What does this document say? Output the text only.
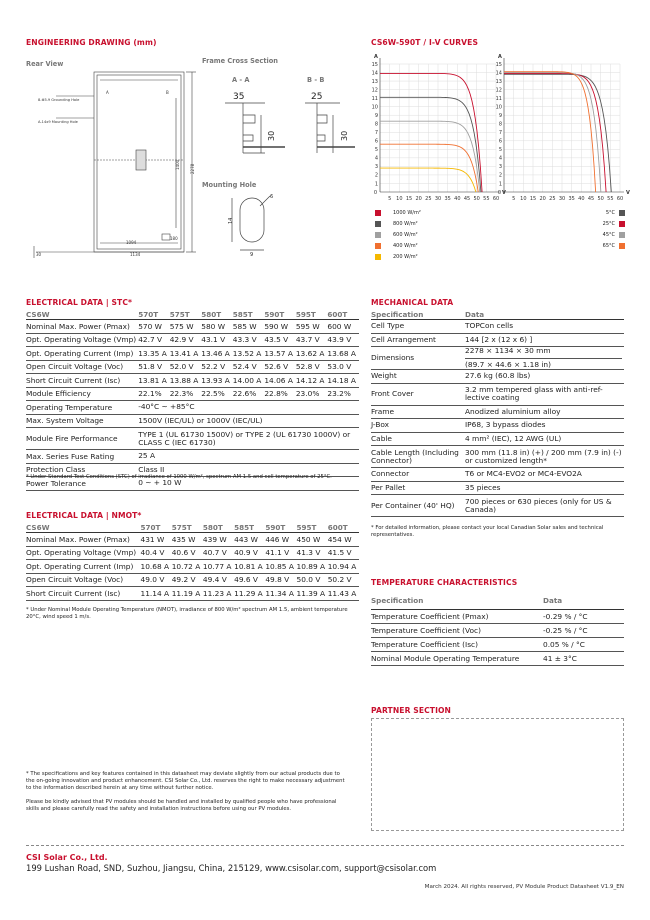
ENGINEERING DRAWING (mm)
Rear View	Frame Cross Section
A - A	B - B
Mounting Hole
8-Φ3.9 Grounding Hole
A-14x9 Mounting Hole
1094
1134
30
180
1400	2278
A	B	35	25
30	30
14
9
6
CS6W-590T / I-V CURVES
1
2
3
4
5
6
7
8
9
10
11
12
13
14
15
5 10 15 20 25 30 35 40 45 50 55 60
0
A
V
1
2
3
4
5
6
7
8
9
10
11
12
13
14
15
5 10 15 20 25 30 35 40 45 50 55 60
0
A
V
1000 W/m²
800 W/m²
600 W/m²
400 W/m²
200 W/m²
5°C
25°C
45°C
65°C
ELECTRICAL DATA | STC*
CS6W	570T	575T	580T	585T	590T	595T	600T
Nominal Max. Power (Pmax)	570 W	575 W	580 W	585 W	590 W	595 W	600 W
Opt. Operating Voltage (Vmp)	42.7 V	42.9 V	43.1 V	43.3 V	43.5 V	43.7 V	43.9 V
Opt. Operating Current (Imp)	13.35 A	13.41 A	13.46 A	13.52 A	13.57 A	13.62 A	13.68 A
Open Circuit Voltage (Voc)	51.8 V	52.0 V	52.2 V	52.4 V	52.6 V	52.8 V	53.0 V
Short Circuit Current (Isc)	13.81 A	13.88 A	13.93 A	14.00 A	14.06 A	14.12 A	14.18 A
Module Efficiency	22.1%	22.3%	22.5%	22.6%	22.8%	23.0%	23.2%
Operating Temperature	-40°C ~ +85°C						
Max. System Voltage	1500V (IEC/UL) or 1000V (IEC/UL)						
Module Fire Performance	TYPE 1 (UL 61730 1500V) or TYPE 2 (UL 61730 1000V) or CLASS C (IEC 61730)						
Max. Series Fuse Rating	25 A						
Protection Class	Class II						
Power Tolerance	0 ~ + 10 W						
* Under Standard Test Conditions (STC) of irradiance of 1000 W/m², spectrum AM 1.5 and cell temperature of 25°C.
ELECTRICAL DATA | NMOT*
CS6W	570T	575T	580T	585T	590T	595T	600T
Nominal Max. Power (Pmax)	431 W	435 W	439 W	443 W	446 W	450 W	454 W
Opt. Operating Voltage (Vmp)	40.4 V	40.6 V	40.7 V	40.9 V	41.1 V	41.3 V	41.5 V
Opt. Operating Current (Imp)	10.68 A	10.72 A	10.77 A	10.81 A	10.85 A	10.89 A	10.94 A
Open Circuit Voltage (Voc)	49.0 V	49.2 V	49.4 V	49.6 V	49.8 V	50.0 V	50.2 V
Short Circuit Current (Isc)	11.14 A	11.19 A	11.23 A	11.29 A	11.34 A	11.39 A	11.43 A
* Under Nominal Module Operating Temperature (NMOT), irradiance of 800 W/m² spectrum AM 1.5, ambient temperature 20°C, wind speed 1 m/s.
MECHANICAL DATA
Specification	Data
Cell Type	TOPCon cells

Cell Arrangement	144 [2 x (12 x 6) ]

Dimensions	2278 × 1134 × 30 mm
(89.7 × 44.6 × 1.18 in)

Weight	27.6 kg (60.8 lbs)

Front Cover	3.2 mm tempered glass with anti-ref-lective coating

Frame	Anodized aluminium alloy

J-Box	IP68, 3 bypass diodes

Cable	4 mm² (IEC), 12 AWG (UL)

Cable Length (Including Connector)	300 mm (11.8 in) (+) / 200 mm (7.9 in) (-) or customized length*

Connector	T6 or MC4-EVO2 or MC4-EVO2A

Per Pallet	35 pieces

Per Container (40' HQ)	700 pieces or 630 pieces (only for US & Canada)
* For detailed information, please contact your local Canadian Solar sales and technical representatives.
TEMPERATURE CHARACTERISTICS
Specification	Data
Temperature Coefficient (Pmax)	-0.29 % / °C
Temperature Coefficient (Voc)	-0.25 % / °C
Temperature Coefficient (Isc)	0.05 % / °C
Nominal Module Operating Temperature	41 ± 3°C
PARTNER SECTION
* The specifications and key features contained in this datasheet may deviate slightly from our actual products due to the on-going innovation and product enhancement. CSI Solar Co., Ltd. reserves the right to make necessary adjustment to the information described herein at any time without further notice.
Please be kindly advised that PV modules should be handled and installed by qualified people who have professional skills and please carefully read the safety and installation instructions before using our PV modules.
CSI Solar Co., Ltd.
199 Lushan Road, SND, Suzhou, Jiangsu, China, 215129, www.csisolar.com, support@csisolar.com
March 2024. All rights reserved, PV Module Product Datasheet V1.9_EN
